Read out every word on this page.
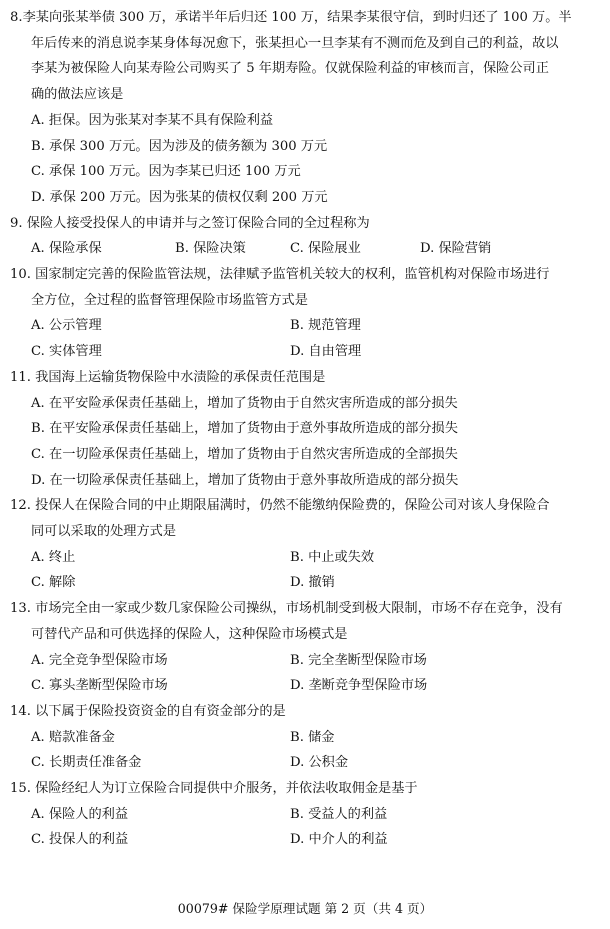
8.李某向张某举债 300 万，承诺半年后归还 100 万，结果李某很守信，到时归还了 100 万。半
年后传来的消息说李某身体每况愈下，张某担心一旦李某有不测而危及到自己的利益，故以
李某为被保险人向某寿险公司购买了 5 年期寿险。仅就保险利益的审核而言，保险公司正
确的做法应该是
A. 拒保。因为张某对李某不具有保险利益
B. 承保 300 万元。因为涉及的债务额为 300 万元
C. 承保 100 万元。因为李某已归还 100 万元
D. 承保 200 万元。因为张某的债权仅剩 200 万元
9. 保险人接受投保人的申请并与之签订保险合同的全过程称为
A. 保险承保	B. 保险决策	C. 保险展业	D. 保险营销
10. 国家制定完善的保险监管法规，法律赋予监管机关较大的权利，监管机构对保险市场进行
全方位，全过程的监督管理保险市场监管方式是
A. 公示管理	B. 规范管理
C. 实体管理	D. 自由管理
11. 我国海上运输货物保险中水渍险的承保责任范围是
A. 在平安险承保责任基础上，增加了货物由于自然灾害所造成的部分损失
B. 在平安险承保责任基础上，增加了货物由于意外事故所造成的部分损失
C. 在一切险承保责任基础上，增加了货物由于自然灾害所造成的全部损失
D. 在一切险承保责任基础上，增加了货物由于意外事故所造成的部分损失
12. 投保人在保险合同的中止期限届满时，仍然不能缴纳保险费的，保险公司对该人身保险合
同可以采取的处理方式是
A. 终止	B. 中止或失效
C. 解除	D. 撤销
13. 市场完全由一家或少数几家保险公司操纵，市场机制受到极大限制，市场不存在竞争，没有
可替代产品和可供选择的保险人，这种保险市场模式是
A. 完全竞争型保险市场	B. 完全垄断型保险市场
C. 寡头垄断型保险市场	D. 垄断竞争型保险市场
14. 以下属于保险投资资金的自有资金部分的是
A. 赔款准备金	B. 储金
C. 长期责任准备金	D. 公积金
15. 保险经纪人为订立保险合同提供中介服务，并依法收取佣金是基于
A. 保险人的利益	B. 受益人的利益
C. 投保人的利益	D. 中介人的利益
00079# 保险学原理试题 第 2 页（共 4 页）
